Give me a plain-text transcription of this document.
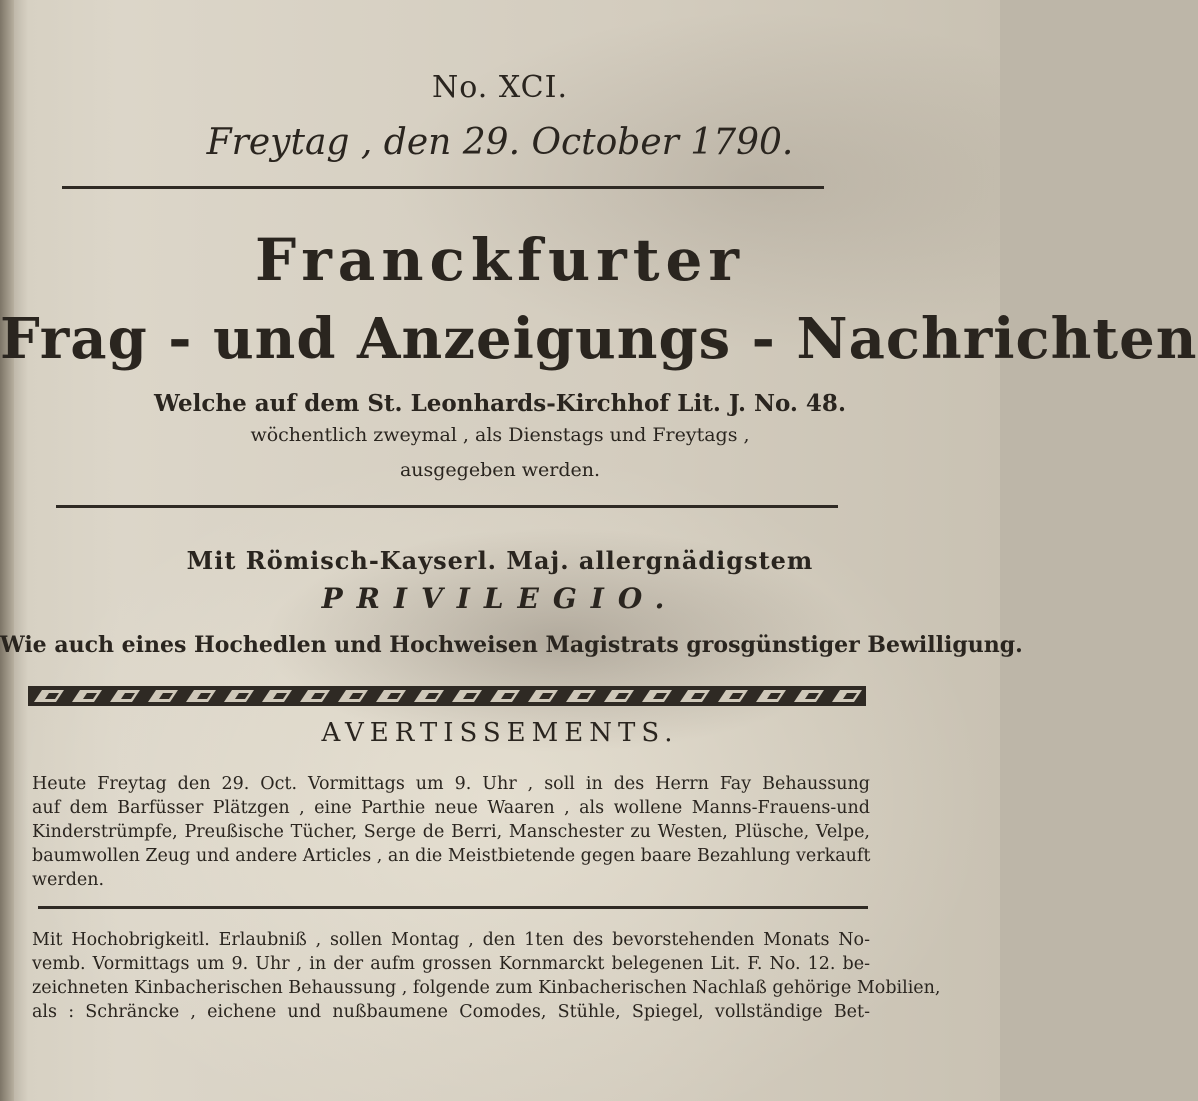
No. XCI.
Freytag , den 29. October 1790.
Franckfurter
Frag - und Anzeigungs - Nachrichten
Welche auf dem St. Leonhards-Kirchhof Lit. J. No. 48.
wöchentlich zweymal , als Dienstags und Freytags ,
ausgegeben werden.
Mit Römisch-Kayserl. Maj. allergnädigstem
PRIVILEGIO.
Wie auch eines Hochedlen und Hochweisen Magistrats grosgünstiger Bewilligung.
AVERTISSEMENTS.
Heute Freytag den 29. Oct. Vormittags um 9. Uhr , soll in des Herrn Fay Behaussung
auf dem Barfüsser Plätzgen , eine Parthie neue Waaren , als wollene Manns-Frauens-und
Kinderstrümpfe, Preußische Tücher, Serge de Berri, Manschester zu Westen, Plüsche, Velpe,
baumwollen Zeug und andere Articles , an die Meistbietende gegen baare Bezahlung verkauft
werden.
Mit Hochobrigkeitl. Erlaubniß , sollen Montag , den 1ten des bevorstehenden Monats No-
vemb. Vormittags um 9. Uhr , in der aufm grossen Kornmarckt belegenen Lit. F. No. 12. be-
zeichneten Kinbacherischen Behaussung , folgende zum Kinbacherischen Nachlaß gehörige Mobilien,
als : Schräncke , eichene und nußbaumene Comodes, Stühle, Spiegel, vollständige Bet-
